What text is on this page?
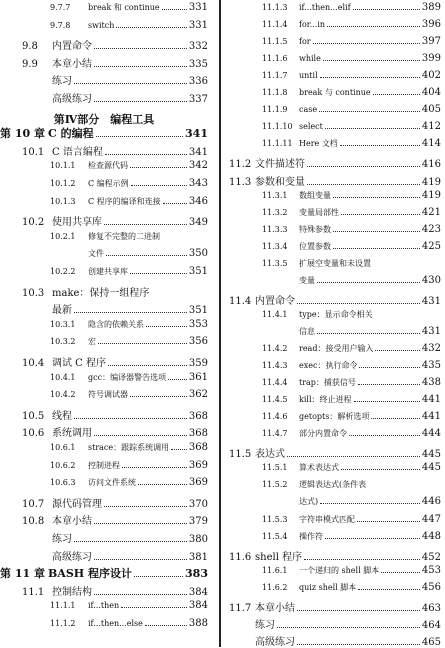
9.7.7	break 和 continue	331
9.7.8	switch	331
9.8	内置命令	332
9.9	本章小结	335
练习	336
高级练习	337
第Ⅳ部分　编程工具
第 10 章 C 的编程	341
10.1 C 语言编程	341
10.1.1	检查源代码	342
10.1.2	C 编程示例	343
10.1.3	C 程序的编译和连接	346
10.2 使用共享库	349
10.2.1	修复不完整的二进制
文件	350
10.2.2	创建共享库	351
10.3 make：保持一组程序
最新	351
10.3.1	隐含的依赖关系	353
10.3.2	宏	356
10.4 调试 C 程序	359
10.4.1	gcc：编译器警告选项 361
10.4.2	符号调试器	362
10.5 线程	368
10.6 系统调用	368
10.6.1	strace：跟踪系统调用 368
10.6.2	控制进程	369
10.6.3	访问文件系统	369
10.7 源代码管理	370
10.8 本章小结	379
练习	380
高级练习	381
第 11 章 BASH 程序设计	383
11.1 控制结构	384
11.1.1	if...then	384
11.1.2	if...then...else	388
11.1.3	if...then...elif	389
11.1.4	for...in	396
11.1.5	for	397
11.1.6	while	399
11.1.7	until	402
11.1.8	break 与 continue	404
11.1.9	case	405
11.1.10 select	412
11.1.11 Here 文档	414
11.2 文件描述符	416
11.3 参数和变量	419
11.3.1	数组变量	419
11.3.2	变量局部性	421
11.3.3	特殊参数	423
11.3.4	位置参数	425
11.3.5	扩展空变量和未设置
变量	430
11.4 内置命令	431
11.4.1	type：显示命令相关
信息	431
11.4.2	read：接受用户输入	432
11.4.3	exec：执行命令	435
11.4.4	trap：捕获信号	438
11.4.5	kill：终止进程	441
11.4.6	getopts：解析选项	441
11.4.7	部分内置命令	444
11.5 表达式	445
11.5.1	算术表达式	445
11.5.2	逻辑表达式(条件表
达式)	446
11.5.3	字符串模式匹配	447
11.5.4	操作符	448
11.6 shell 程序	452
11.6.1	一个递归的 shell 脚本	453
11.6.2	quiz shell 脚本	456
11.7 本章小结	463
练习	464
高级练习	465
